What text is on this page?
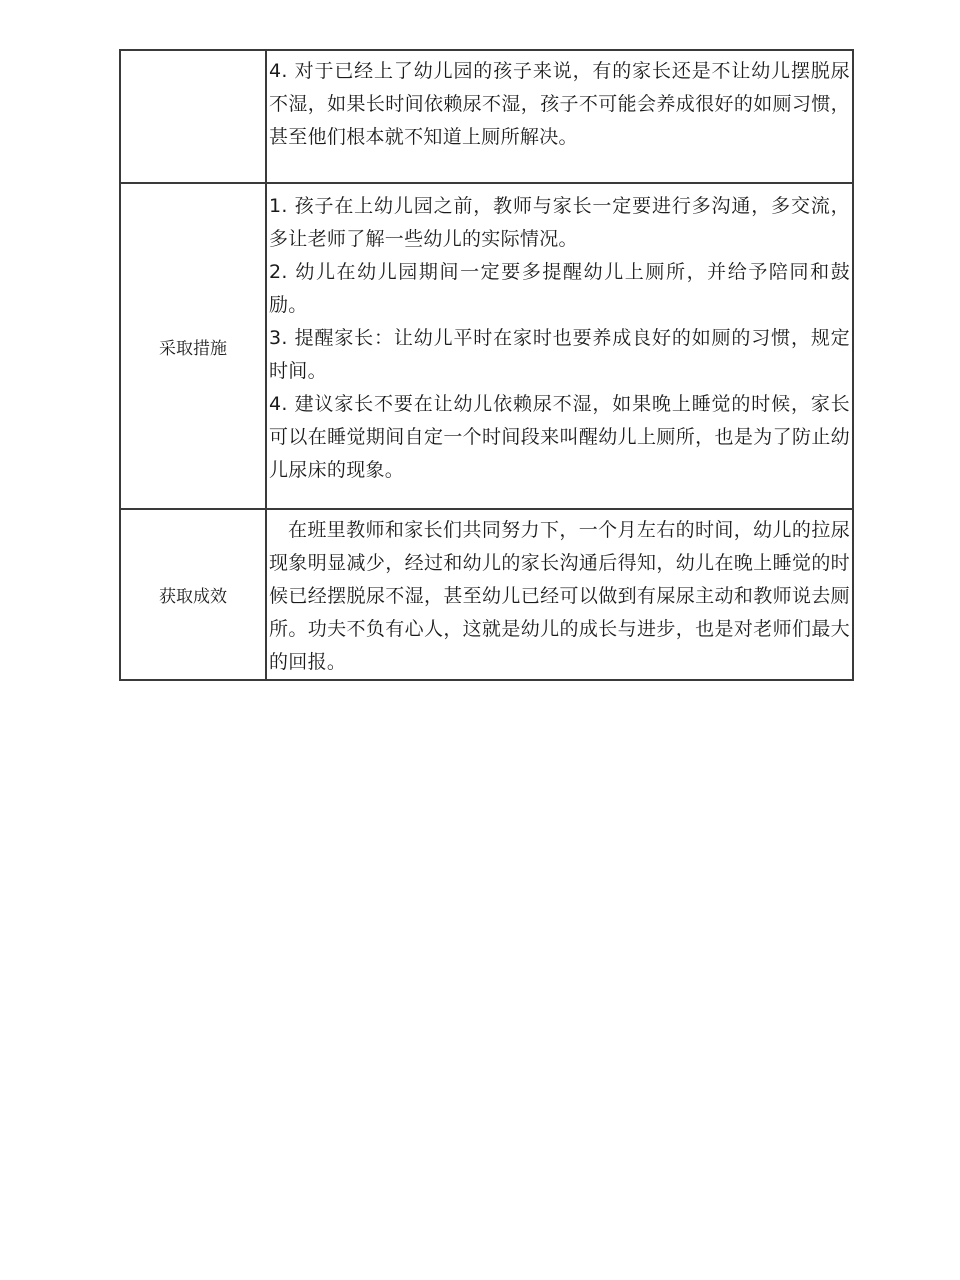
	4. 对于已经上了幼儿园的孩子来说，有的家长还是不让幼儿摆脱尿不湿，如果长时间依赖尿不湿，孩子不可能会养成很好的如厕习惯，甚至他们根本就不知道上厕所解决。

采取措施	1. 孩子在上幼儿园之前，教师与家长一定要进行多沟通，多交流，多让老师了解一些幼儿的实际情况。

2. 幼儿在幼儿园期间一定要多提醒幼儿上厕所，并给予陪同和鼓励。

3. 提醒家长：让幼儿平时在家时也要养成良好的如厕的习惯，规定时间。

4. 建议家长不要在让幼儿依赖尿不湿，如果晚上睡觉的时候，家长可以在睡觉期间自定一个时间段来叫醒幼儿上厕所，也是为了防止幼儿尿床的现象。

获取成效	在班里教师和家长们共同努力下，一个月左右的时间，幼儿的拉尿现象明显减少，经过和幼儿的家长沟通后得知，幼儿在晚上睡觉的时候已经摆脱尿不湿，甚至幼儿已经可以做到有屎尿主动和教师说去厕所。功夫不负有心人，这就是幼儿的成长与进步，也是对老师们最大的回报。
